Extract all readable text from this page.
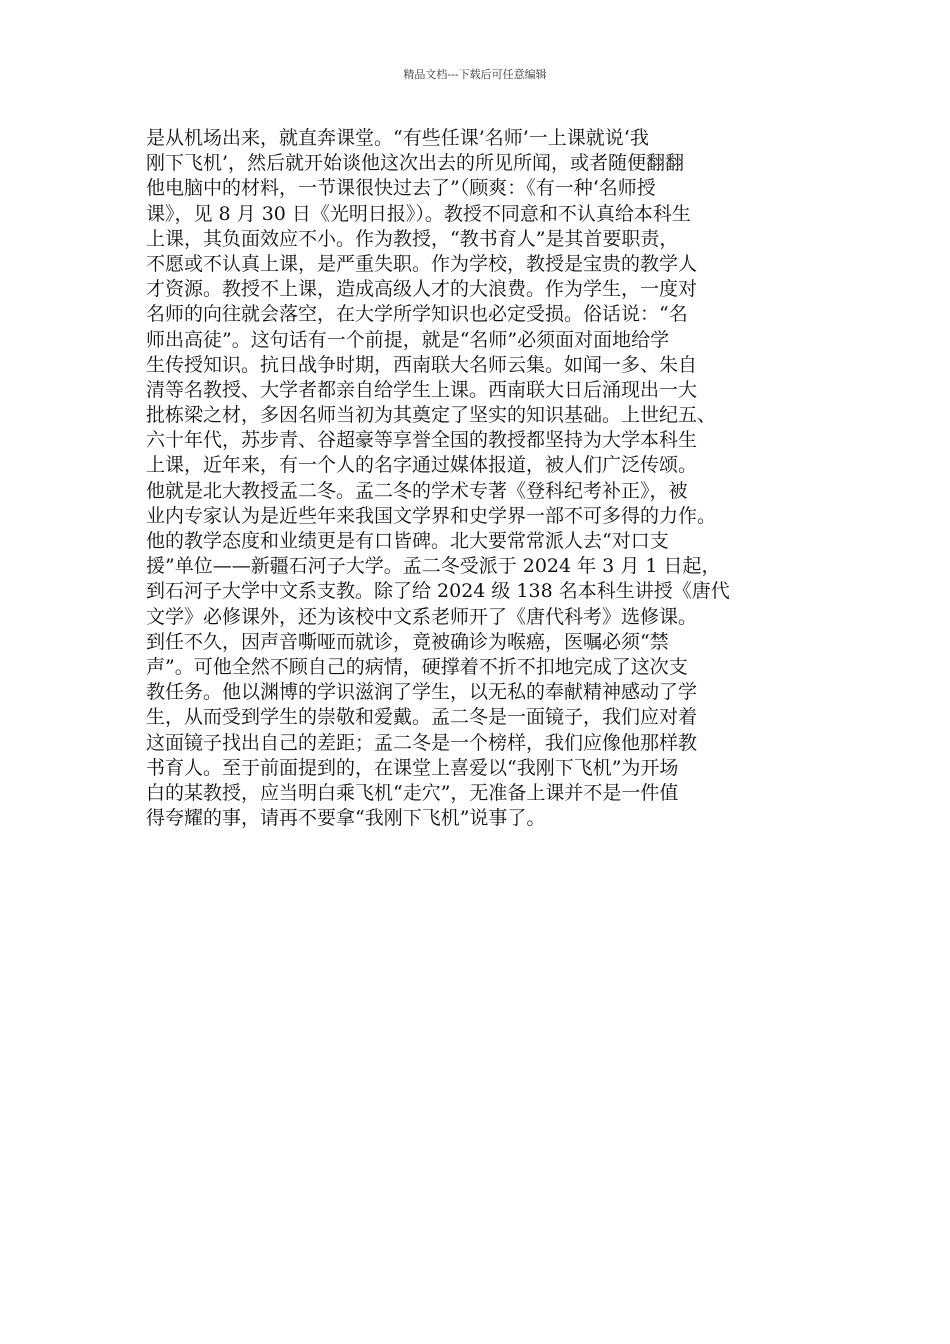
精品文档---下载后可任意编辑
是从机场出来，就直奔课堂。“有些任课’名师’一上课就说‘我
刚下飞机’，然后就开始谈他这次出去的所见所闻，或者随便翻翻
他电脑中的材料，一节课很快过去了”（顾爽：《有一种‘名师授
课》，见 8 月 30 日《光明日报》）。教授不同意和不认真给本科生
上课，其负面效应不小。作为教授，“教书育人”是其首要职责，
不愿或不认真上课，是严重失职。作为学校，教授是宝贵的教学人
才资源。教授不上课，造成高级人才的大浪费。作为学生，一度对
名师的向往就会落空，在大学所学知识也必定受损。俗话说：“名
师出高徒”。这句话有一个前提，就是“名师”必须面对面地给学
生传授知识。抗日战争时期，西南联大名师云集。如闻一多、朱自
清等名教授、大学者都亲自给学生上课。西南联大日后涌现出一大
批栋梁之材，多因名师当初为其奠定了坚实的知识基础。上世纪五、
六十年代，苏步青、谷超豪等享誉全国的教授都坚持为大学本科生
上课，近年来，有一个人的名字通过媒体报道，被人们广泛传颂。
他就是北大教授孟二冬。孟二冬的学术专著《登科纪考补正》，被
业内专家认为是近些年来我国文学界和史学界一部不可多得的力作。
他的教学态度和业绩更是有口皆碑。北大要常常派人去“对口支
援”单位——新疆石河子大学。孟二冬受派于 2024 年 3 月 1 日起，
到石河子大学中文系支教。除了给 2024 级 138 名本科生讲授《唐代
文学》必修课外，还为该校中文系老师开了《唐代科考》选修课。
到任不久，因声音嘶哑而就诊，竟被确诊为喉癌，医嘱必须“禁
声”。可他全然不顾自己的病情，硬撑着不折不扣地完成了这次支
教任务。他以渊博的学识滋润了学生，以无私的奉献精神感动了学
生，从而受到学生的崇敬和爱戴。孟二冬是一面镜子，我们应对着
这面镜子找出自己的差距；孟二冬是一个榜样，我们应像他那样教
书育人。至于前面提到的，在课堂上喜爱以“我刚下飞机”为开场
白的某教授，应当明白乘飞机“走穴”，无准备上课并不是一件值
得夸耀的事，请再不要拿“我刚下飞机”说事了。
